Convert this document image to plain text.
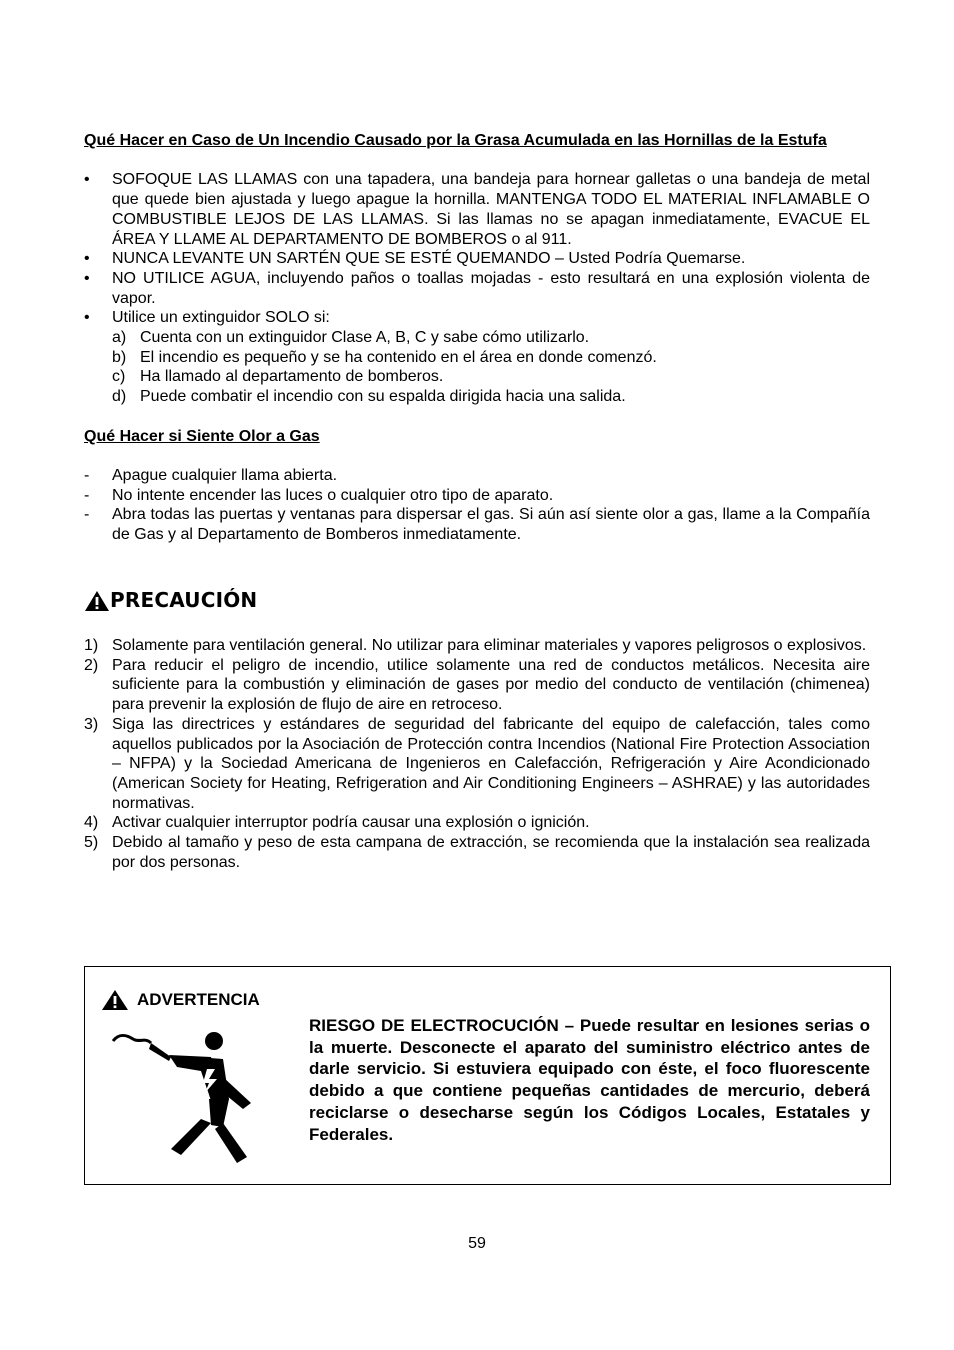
Qué Hacer en Caso de Un Incendio Causado por la Grasa Acumulada en las Hornillas de la Estufa

• SOFOQUE LAS LLAMAS con una tapadera, una bandeja para hornear galletas o una bandeja de metal que quede bien ajustada y luego apague la hornilla. MANTENGA TODO EL MATERIAL INFLAMABLE O COMBUSTIBLE LEJOS DE LAS LLAMAS. Si las llamas no se apagan inmediatamente, EVACUE EL ÁREA Y LLAME AL DEPARTAMENTO DE BOMBEROS o al 911.
• NUNCA LEVANTE UN SARTÉN QUE SE ESTÉ QUEMANDO – Usted Podría Quemarse.
• NO UTILICE AGUA, incluyendo paños o toallas mojadas - esto resultará en una explosión violenta de vapor.
• Utilice un extinguidor SOLO si:
a) Cuenta con un extinguidor Clase A, B, C y sabe cómo utilizarlo.
b) El incendio es pequeño y se ha contenido en el área en donde comenzó.
c) Ha llamado al departamento de bomberos.
d) Puede combatir el incendio con su espalda dirigida hacia una salida.

Qué Hacer si Siente Olor a Gas

- Apague cualquier llama abierta.
- No intente encender las luces o cualquier otro tipo de aparato.
- Abra todas las puertas y ventanas para dispersar el gas. Si aún así siente olor a gas, llame a la Compañía de Gas y al Departamento de Bomberos inmediatamente.
PRECAUCIÓN
1) Solamente para ventilación general. No utilizar para eliminar materiales y vapores peligrosos o explosivos.
2) Para reducir el peligro de incendio, utilice solamente una red de conductos metálicos. Necesita aire suficiente para la combustión y eliminación de gases por medio del conducto de ventilación (chimenea) para prevenir la explosión de flujo de aire en retroceso.
3) Siga las directrices y estándares de seguridad del fabricante del equipo de calefacción, tales como aquellos publicados por la Asociación de Protección contra Incendios (National Fire Protection Association – NFPA) y la Sociedad Americana de Ingenieros en Calefacción, Refrigeración y Aire Acondicionado (American Society for Heating, Refrigeration and Air Conditioning Engineers – ASHRAE) y las autoridades normativas.
4) Activar cualquier interruptor podría causar una explosión o ignición.
5) Debido al tamaño y peso de esta campana de extracción, se recomienda que la instalación sea realizada por dos personas.
ADVERTENCIA
RIESGO DE ELECTROCUCIÓN – Puede resultar en lesiones serias o la muerte. Desconecte el aparato del suministro eléctrico antes de darle servicio. Si estuviera equipado con éste, el foco fluorescente debido a que contiene pequeñas cantidades de mercurio, deberá reciclarse o desecharse según los Códigos Locales, Estatales y Federales.
59
